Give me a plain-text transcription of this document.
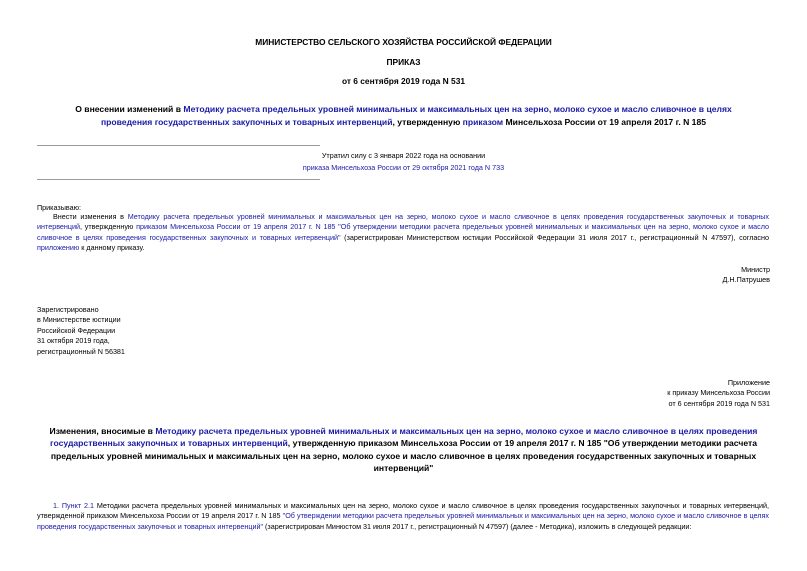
МИНИСТЕРСТВО СЕЛЬСКОГО ХОЗЯЙСТВА РОССИЙСКОЙ ФЕДЕРАЦИИ
ПРИКАЗ
от 6 сентября 2019 года N 531
О внесении изменений в Методику расчета предельных уровней минимальных и максимальных цен на зерно, молоко сухое и масло сливочное в целях проведения государственных закупочных и товарных интервенций, утвержденную приказом Минсельхоза России от 19 апреля 2017 г. N 185
Утратил силу с 3 января 2022 года на основании
приказа Минсельхоза России от 29 октября 2021 года N 733
Приказываю:
Внести изменения в Методику расчета предельных уровней минимальных и максимальных цен на зерно, молоко сухое и масло сливочное в целях проведения государственных закупочных и товарных интервенций, утвержденную приказом Минсельхоза России от 19 апреля 2017 г. N 185 "Об утверждении методики расчета предельных уровней минимальных и максимальных цен на зерно, молоко сухое и масло сливочное в целях проведения государственных закупочных и товарных интервенций" (зарегистрирован Министерством юстиции Российской Федерации 31 июля 2017 г., регистрационный N 47597), согласно приложению к данному приказу.
Министр
Д.Н.Патрушев
Зарегистрировано
в Министерстве юстиции
Российской Федерации
31 октября 2019 года,
регистрационный N 56381
Приложение
к приказу Минсельхоза России
от 6 сентября 2019 года N 531
Изменения, вносимые в Методику расчета предельных уровней минимальных и максимальных цен на зерно, молоко сухое и масло сливочное в целях проведения государственных закупочных и товарных интервенций, утвержденную приказом Минсельхоза России от 19 апреля 2017 г. N 185 "Об утверждении методики расчета предельных уровней минимальных и максимальных цен на зерно, молоко сухое и масло сливочное в целях проведения государственных закупочных и товарных интервенций"
1. Пункт 2.1 Методики расчета предельных уровней минимальных и максимальных цен на зерно, молоко сухое и масло сливочное в целях проведения государственных закупочных и товарных интервенций, утвержденной приказом Минсельхоза России от 19 апреля 2017 г. N 185 "Об утверждении методики расчета предельных уровней минимальных и максимальных цен на зерно, молоко сухое и масло сливочное в целях проведения государственных закупочных и товарных интервенций" (зарегистрирован Минюстом 31 июля 2017 г., регистрационный N 47597) (далее - Методика), изложить в следующей редакции:
